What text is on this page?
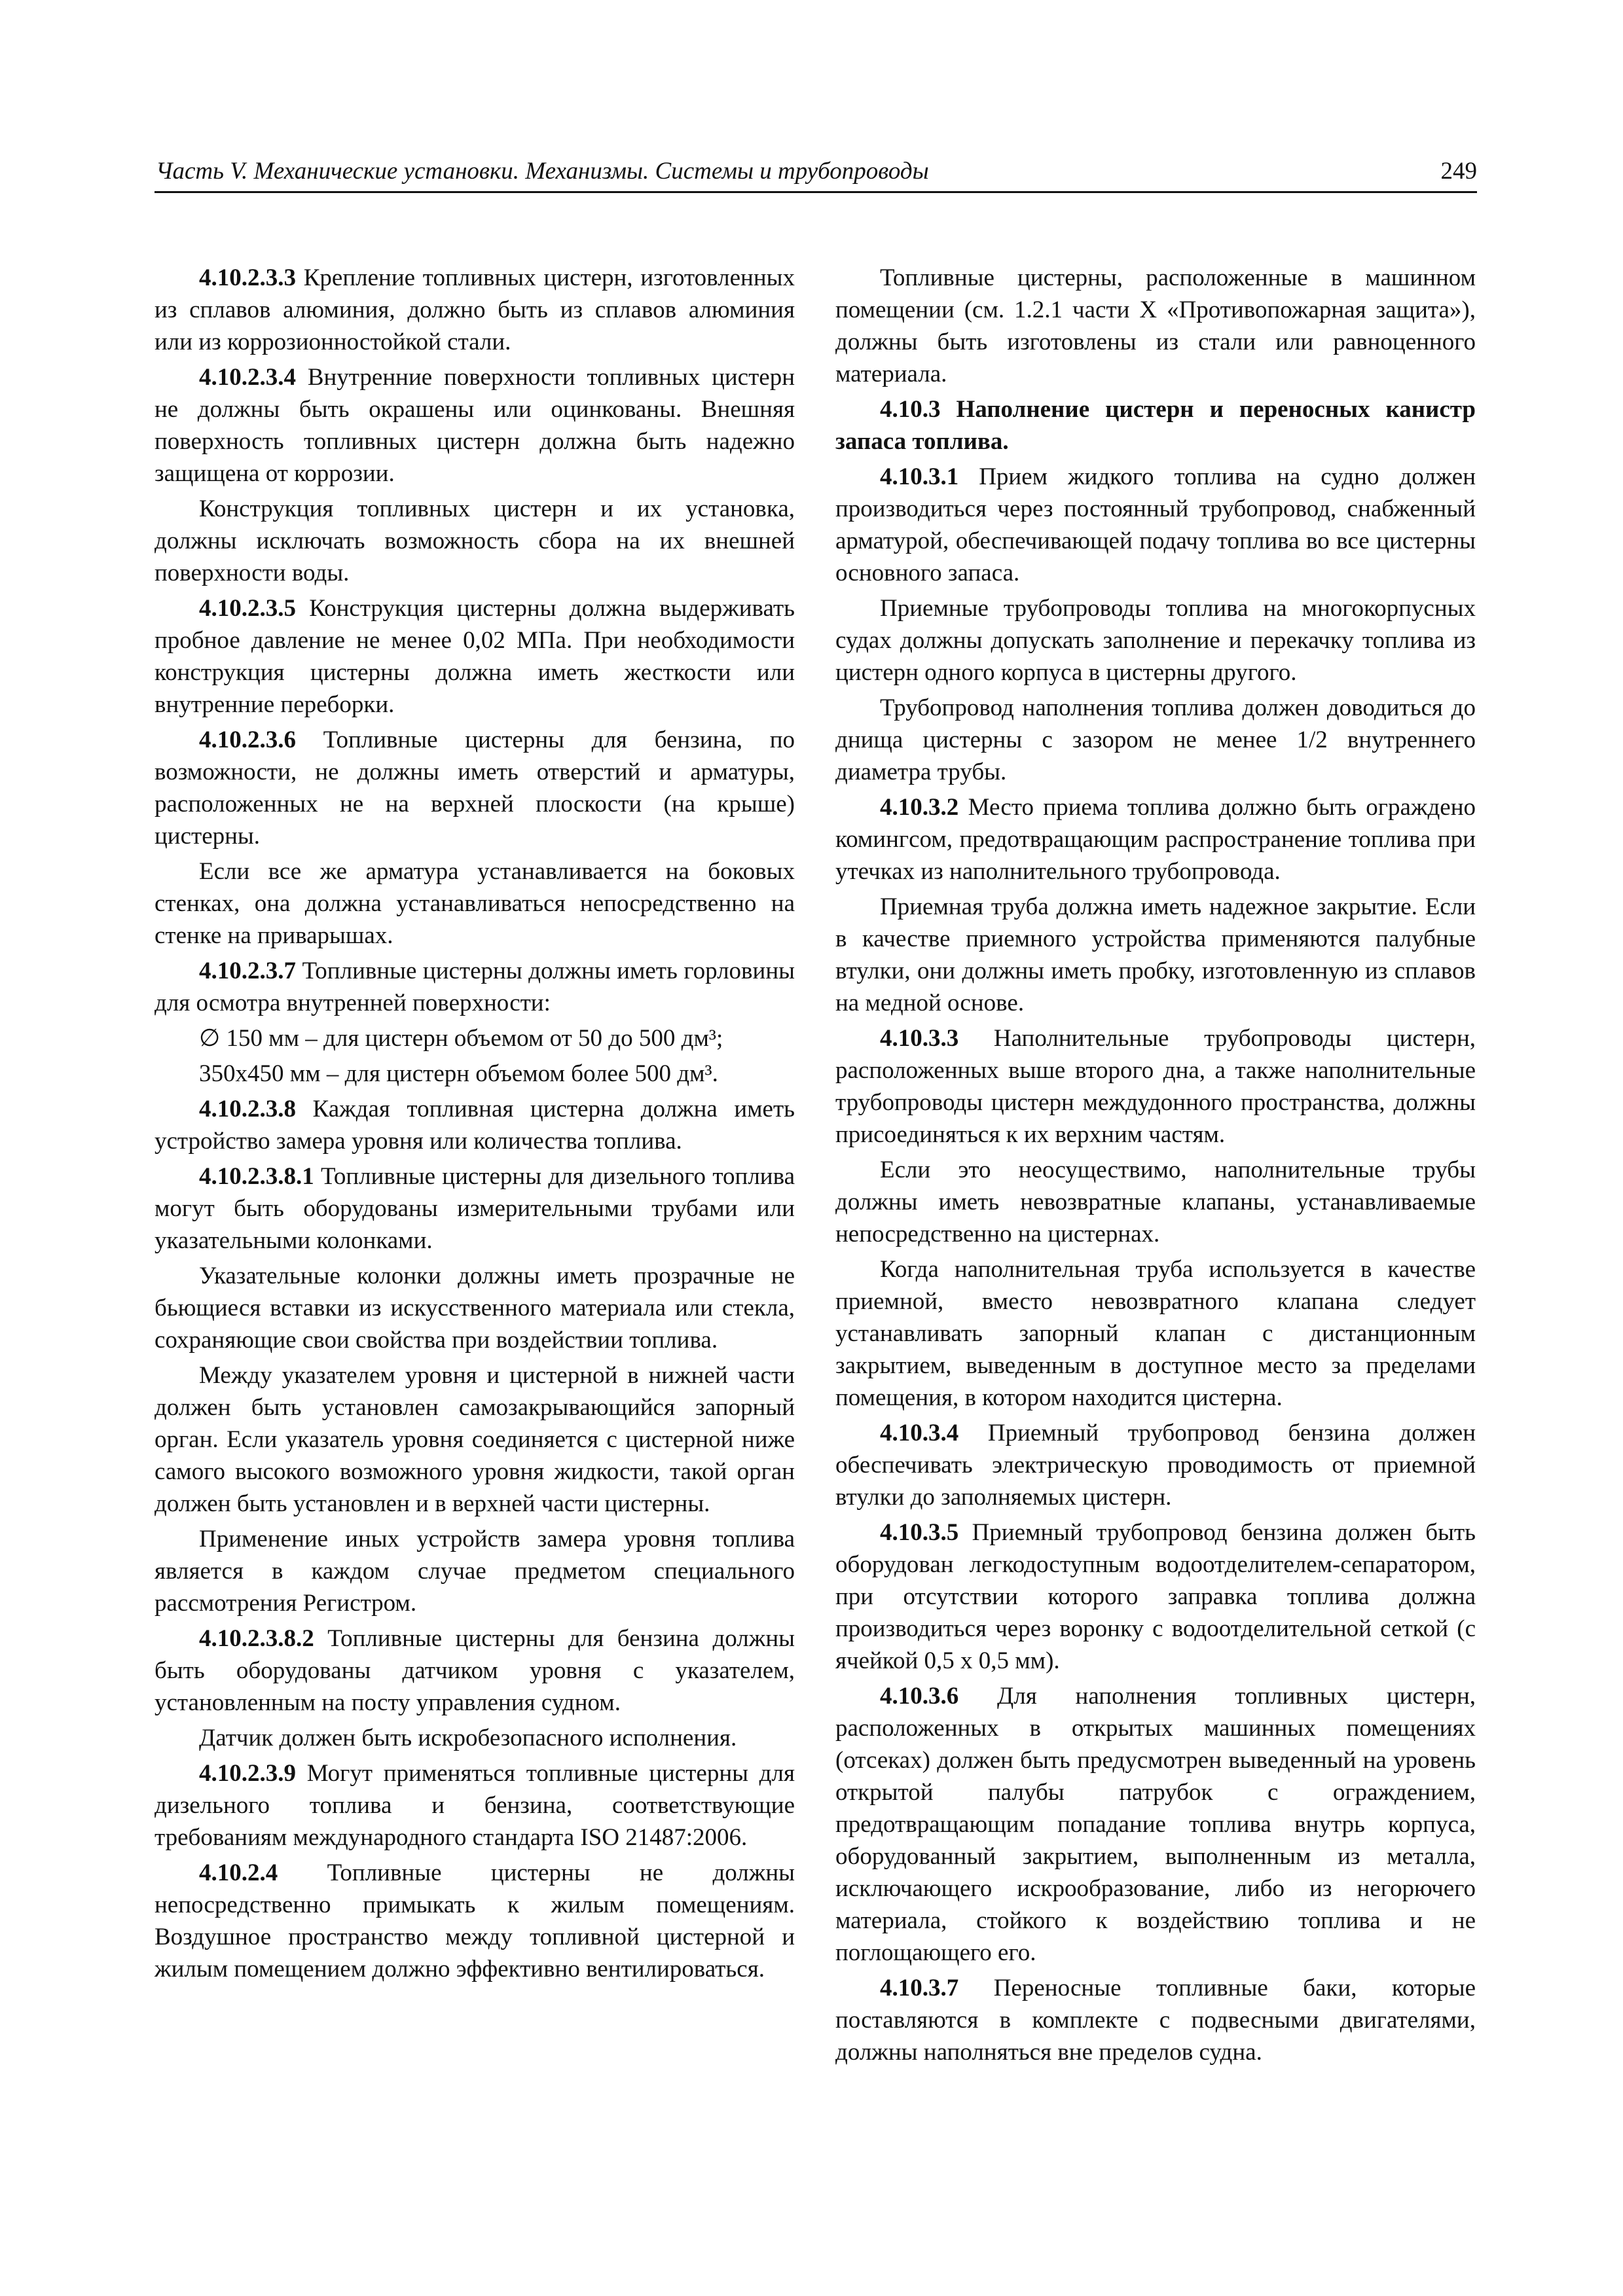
Часть V. Механические установки. Механизмы. Системы и трубопроводы	249

4.10.2.3.3 Крепление топливных цистерн, изготовленных из сплавов алюминия, должно быть из сплавов алюминия или из коррозионностойкой стали.

4.10.2.3.4 Внутренние поверхности топливных цистерн не должны быть окрашены или оцинкованы. Внешняя поверхность топливных цистерн должна быть надежно защищена от коррозии.

Конструкция топливных цистерн и их установка, должны исключать возможность сбора на их внешней поверхности воды.

4.10.2.3.5 Конструкция цистерны должна выдерживать пробное давление не менее 0,02 МПа. При необходимости конструкция цистерны должна иметь жесткости или внутренние переборки.

4.10.2.3.6 Топливные цистерны для бензина, по возможности, не должны иметь отверстий и арматуры, расположенных не на верхней плоскости (на крыше) цистерны.

Если все же арматура устанавливается на боковых стенках, она должна устанавливаться непосредственно на стенке на приварышах.

4.10.2.3.7 Топливные цистерны должны иметь горловины для осмотра внутренней поверхности:

∅ 150 мм – для цистерн объемом от 50 до 500 дм³;

350х450 мм – для цистерн объемом более 500 дм³.

4.10.2.3.8 Каждая топливная цистерна должна иметь устройство замера уровня или количества топлива.

4.10.2.3.8.1 Топливные цистерны для дизельного топлива могут быть оборудованы измерительными трубами или указательными колонками.

Указательные колонки должны иметь прозрачные не бьющиеся вставки из искусственного материала или стекла, сохраняющие свои свойства при воздействии топлива.

Между указателем уровня и цистерной в нижней части должен быть установлен самозакрывающийся запорный орган. Если указатель уровня соединяется с цистерной ниже самого высокого возможного уровня жидкости, такой орган должен быть установлен и в верхней части цистерны.

Применение иных устройств замера уровня топлива является в каждом случае предметом специального рассмотрения Регистром.

4.10.2.3.8.2 Топливные цистерны для бензина должны быть оборудованы датчиком уровня с указателем, установленным на посту управления судном.

Датчик должен быть искробезопасного исполнения.

4.10.2.3.9 Могут применяться топливные цистерны для дизельного топлива и бензина, соответствующие требованиям международного стандарта ISO 21487:2006.

4.10.2.4 Топливные цистерны не должны непосредственно примыкать к жилым помещениям. Воздушное пространство между топливной цистерной и жилым помещением должно эффективно вентилироваться.

Топливные цистерны, расположенные в машинном помещении (см. 1.2.1 части X «Противопожарная защита»), должны быть изготовлены из стали или равноценного материала.

4.10.3 Наполнение цистерн и переносных канистр запаса топлива.

4.10.3.1 Прием жидкого топлива на судно должен производиться через постоянный трубопровод, снабженный арматурой, обеспечивающей подачу топлива во все цистерны основного запаса.

Приемные трубопроводы топлива на многокорпусных судах должны допускать заполнение и перекачку топлива из цистерн одного корпуса в цистерны другого.

Трубопровод наполнения топлива должен доводиться до днища цистерны с зазором не менее 1/2 внутреннего диаметра трубы.

4.10.3.2 Место приема топлива должно быть ограждено комингсом, предотвращающим распространение топлива при утечках из наполнительного трубопровода.

Приемная труба должна иметь надежное закрытие. Если в качестве приемного устройства применяются палубные втулки, они должны иметь пробку, изготовленную из сплавов на медной основе.

4.10.3.3 Наполнительные трубопроводы цистерн, расположенных выше второго дна, а также наполнительные трубопроводы цистерн междудонного пространства, должны присоединяться к их верхним частям.

Если это неосуществимо, наполнительные трубы должны иметь невозвратные клапаны, устанавливаемые непосредственно на цистернах.

Когда наполнительная труба используется в качестве приемной, вместо невозвратного клапана следует устанавливать запорный клапан с дистанционным закрытием, выведенным в доступное место за пределами помещения, в котором находится цистерна.

4.10.3.4 Приемный трубопровод бензина должен обеспечивать электрическую проводимость от приемной втулки до заполняемых цистерн.

4.10.3.5 Приемный трубопровод бензина должен быть оборудован легкодоступным водоотделителем-сепаратором, при отсутствии которого заправка топлива должна производиться через воронку с водоотделительной сеткой (с ячейкой 0,5 х 0,5 мм).

4.10.3.6 Для наполнения топливных цистерн, расположенных в открытых машинных помещениях (отсеках) должен быть предусмотрен выведенный на уровень открытой палубы патрубок с ограждением, предотвращающим попадание топлива внутрь корпуса, оборудованный закрытием, выполненным из металла, исключающего искрообразование, либо из негорючего материала, стойкого к воздействию топлива и не поглощающего его.

4.10.3.7 Переносные топливные баки, которые поставляются в комплекте с подвесными двигателями, должны наполняться вне пределов судна.
